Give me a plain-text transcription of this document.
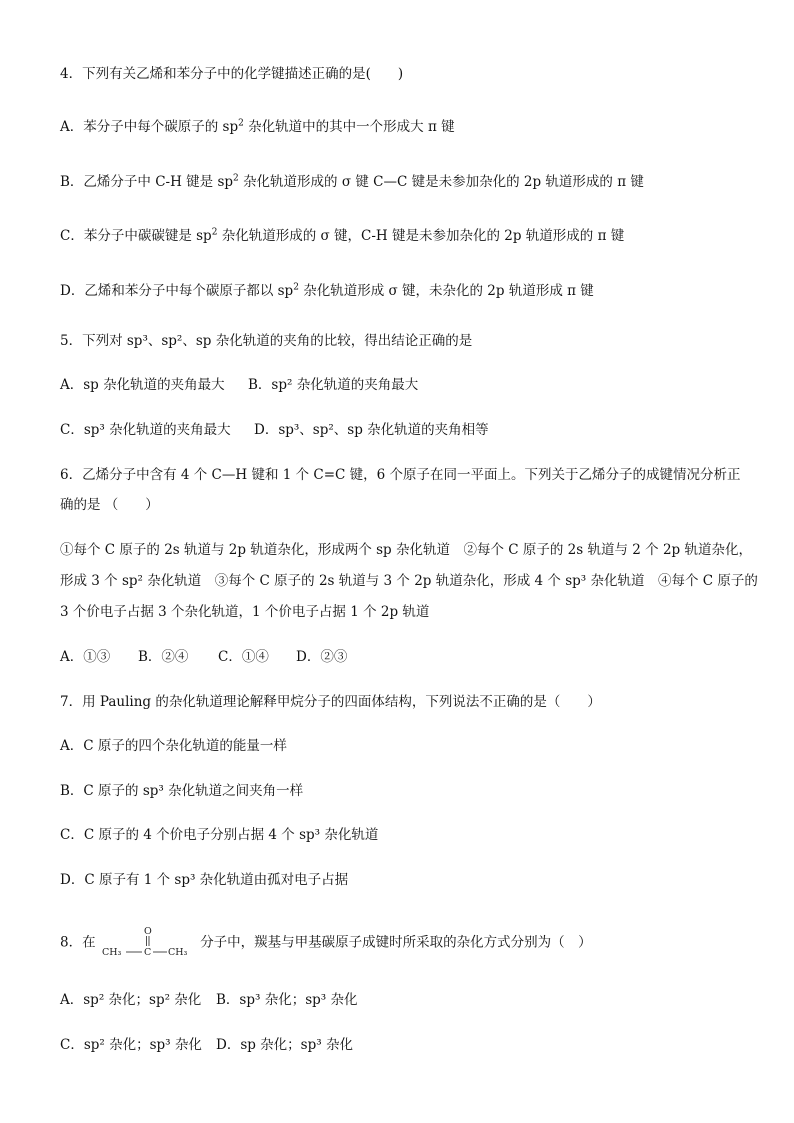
4．下列有关乙烯和苯分子中的化学键描述正确的是(　　)
A．苯分子中每个碳原子的 $sp^2$ 杂化轨道中的其中一个形成大 π 键
B．乙烯分子中 C-H 键是 $sp^2$ 杂化轨道形成的 σ 键 C—C 键是未参加杂化的 2p 轨道形成的 π 键
C．苯分子中碳碳键是 $sp^2$ 杂化轨道形成的 σ 键，C-H 键是未参加杂化的 2p 轨道形成的 π 键
D．乙烯和苯分子中每个碳原子都以 $sp^2$ 杂化轨道形成 σ 键，未杂化的 2p 轨道形成 π 键
5．下列对 sp³、sp²、sp 杂化轨道的夹角的比较，得出结论正确的是
A．sp 杂化轨道的夹角最大 B．sp² 杂化轨道的夹角最大
C．sp³ 杂化轨道的夹角最大 D．sp³、sp²、sp 杂化轨道的夹角相等
6．乙烯分子中含有 4 个 C—H 键和 1 个 C=C 键，6 个原子在同一平面上。下列关于乙烯分子的成键情况分析正
确的是 （　　）
①每个 C 原子的 2s 轨道与 2p 轨道杂化，形成两个 sp 杂化轨道　②每个 C 原子的 2s 轨道与 2 个 2p 轨道杂化，
形成 3 个 sp² 杂化轨道　③每个 C 原子的 2s 轨道与 3 个 2p 轨道杂化，形成 4 个 sp³ 杂化轨道　④每个 C 原子的
3 个价电子占据 3 个杂化轨道，1 个价电子占据 1 个 2p 轨道
A．①③ B．②④ C．①④ D．②③
7．用 Pauling 的杂化轨道理论解释甲烷分子的四面体结构，下列说法不正确的是（　　）
A．C 原子的四个杂化轨道的能量一样
B．C 原子的 sp³ 杂化轨道之间夹角一样
C．C 原子的 4 个价电子分别占据 4 个 sp³ 杂化轨道
D．C 原子有 1 个 sp³ 杂化轨道由孤对电子占据
8．在
O
CH₃ C CH₃
分子中，羰基与甲基碳原子成键时所采取的杂化方式分别为（　）
A．sp² 杂化；sp² 杂化 B．sp³ 杂化；sp³ 杂化
C．sp² 杂化；sp³ 杂化 D．sp 杂化；sp³ 杂化
